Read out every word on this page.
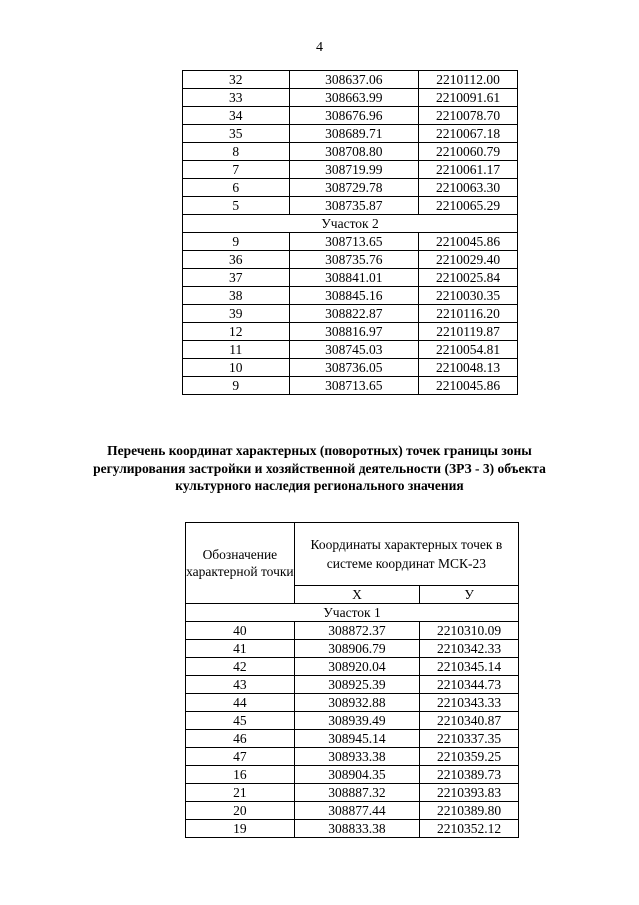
4
32	308637.06	2210112.00
33	308663.99	2210091.61
34	308676.96	2210078.70
35	308689.71	2210067.18
8	308708.80	2210060.79
7	308719.99	2210061.17
6	308729.78	2210063.30
5	308735.87	2210065.29
Участок 2		
9	308713.65	2210045.86
36	308735.76	2210029.40
37	308841.01	2210025.84
38	308845.16	2210030.35
39	308822.87	2210116.20
12	308816.97	2210119.87
11	308745.03	2210054.81
10	308736.05	2210048.13
9	308713.65	2210045.86
Перечень координат характерных (поворотных) точек границы зоны
регулирования застройки и хозяйственной деятельности (ЗРЗ - 3) объекта
культурного наследия регионального значения
Обозначение характерной точки	Координаты характерных точек в системе координат МСК-23	
	X	У
Участок 1		
40	308872.37	2210310.09
41	308906.79	2210342.33
42	308920.04	2210345.14
43	308925.39	2210344.73
44	308932.88	2210343.33
45	308939.49	2210340.87
46	308945.14	2210337.35
47	308933.38	2210359.25
16	308904.35	2210389.73
21	308887.32	2210393.83
20	308877.44	2210389.80
19	308833.38	2210352.12
